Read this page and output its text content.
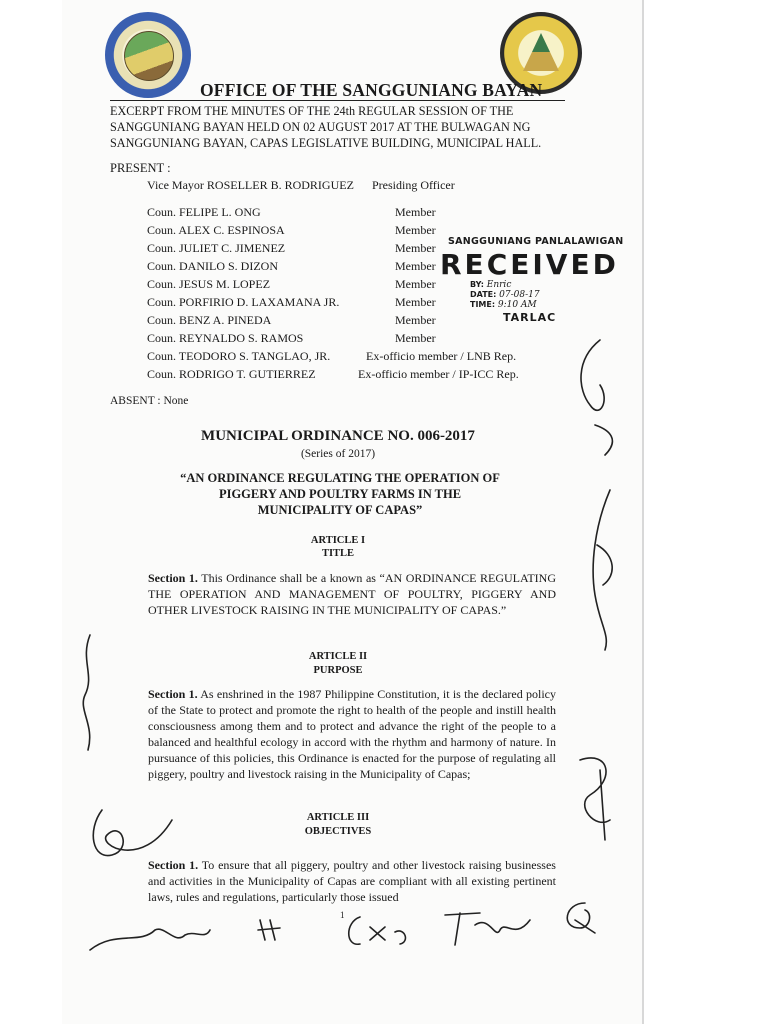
OFFICE OF THE SANGGUNIANG BAYAN
EXCERPT FROM THE MINUTES OF THE 24th REGULAR SESSION OF THE
SANGGUNIANG BAYAN HELD ON 02 AUGUST 2017 AT THE BULWAGAN NG
SANGGUNIANG BAYAN, CAPAS LEGISLATIVE BUILDING, MUNICIPAL HALL.
PRESENT :
Vice Mayor ROSELLER B. RODRIGUEZ Presiding Officer
Coun. FELIPE L. ONG	Member
Coun. ALEX C. ESPINOSA	Member
Coun. JULIET C. JIMENEZ	Member
Coun. DANILO S. DIZON	Member
Coun. JESUS M. LOPEZ	Member
Coun. PORFIRIO D. LAXAMANA JR.	Member
Coun. BENZ A. PINEDA	Member
Coun. REYNALDO S. RAMOS	Member
Coun. TEODORO S. TANGLAO, JR.	Ex-officio member / LNB Rep.
Coun. RODRIGO T. GUTIERREZ	Ex-officio member / IP-ICC Rep.
ABSENT : None
SANGGUNIANG PANLALAWIGAN
RECEIVED
BY: Enric
DATE: 07-08-17
TIME: 9:10 AM
TARLAC
MUNICIPAL ORDINANCE NO. 006-2017
(Series of 2017)
“AN ORDINANCE REGULATING THE OPERATION OF
PIGGERY AND POULTRY FARMS IN THE
MUNICIPALITY OF CAPAS”
ARTICLE I
TITLE
Section 1. This Ordinance shall be a known as “AN ORDINANCE REGULATING THE OPERATION AND MANAGEMENT OF POULTRY, PIGGERY AND OTHER LIVESTOCK RAISING IN THE MUNICIPALITY OF CAPAS.”
ARTICLE II
PURPOSE
Section 1. As enshrined in the 1987 Philippine Constitution, it is the declared policy of the State to protect and promote the right to health of the people and instill health consciousness among them and to protect and advance the right of the people to a balanced and healthful ecology in accord with the rhythm and harmony of nature. In pursuance of this policies, this Ordinance is enacted for the purpose of regulating all piggery, poultry and livestock raising in the Municipality of Capas;
ARTICLE III
OBJECTIVES
Section 1. To ensure that all piggery, poultry and other livestock raising businesses and activities in the Municipality of Capas are compliant with all existing pertinent laws, rules and regulations, particularly those issued
1
